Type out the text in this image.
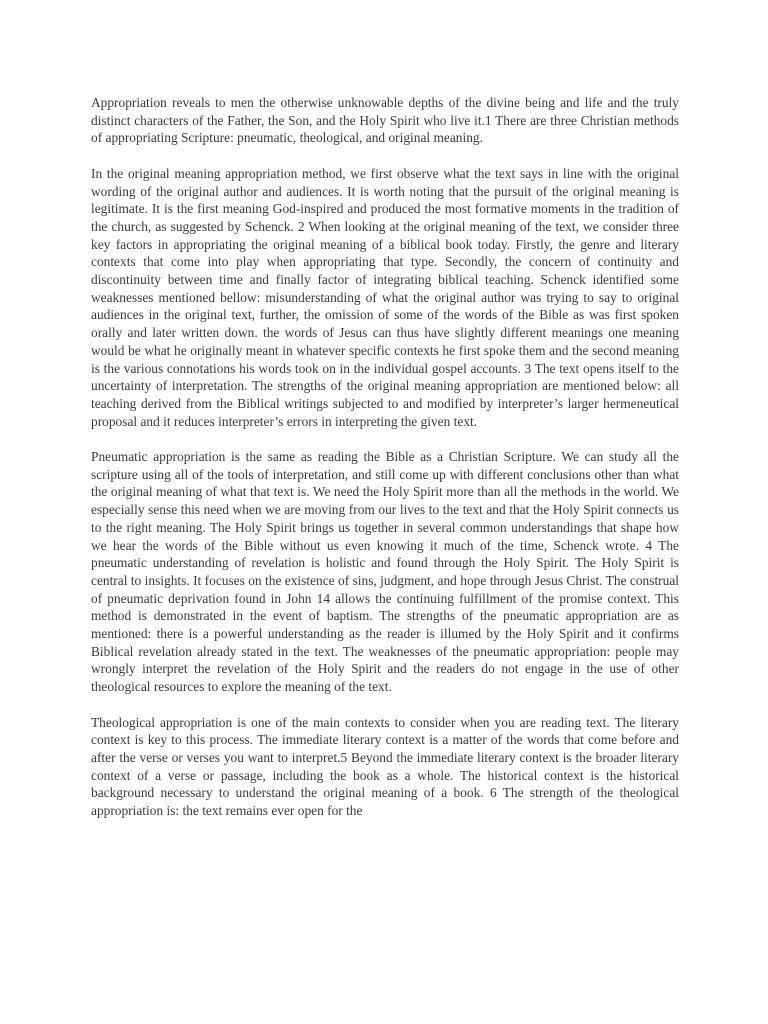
Appropriation reveals to men the otherwise unknowable depths of the divine being and life and the truly distinct characters of the Father, the Son, and the Holy Spirit who live it.1 There are three Christian methods of appropriating Scripture: pneumatic, theological, and original meaning.

In the original meaning appropriation method, we first observe what the text says in line with the original wording of the original author and audiences. It is worth noting that the pursuit of the original meaning is legitimate. It is the first meaning God-inspired and produced the most formative moments in the tradition of the church, as suggested by Schenck. 2 When looking at the original meaning of the text, we consider three key factors in appropriating the original meaning of a biblical book today. Firstly, the genre and literary contexts that come into play when appropriating that type. Secondly, the concern of continuity and discontinuity between time and finally factor of integrating biblical teaching. Schenck identified some weaknesses mentioned bellow: misunderstanding of what the original author was trying to say to original audiences in the original text, further, the omission of some of the words of the Bible as was first spoken orally and later written down. the words of Jesus can thus have slightly different meanings one meaning would be what he originally meant in whatever specific contexts he first spoke them and the second meaning is the various connotations his words took on in the individual gospel accounts. 3 The text opens itself to the uncertainty of interpretation. The strengths of the original meaning appropriation are mentioned below: all teaching derived from the Biblical writings subjected to and modified by interpreter’s larger hermeneutical proposal and it reduces interpreter’s errors in interpreting the given text.

Pneumatic appropriation is the same as reading the Bible as a Christian Scripture. We can study all the scripture using all of the tools of interpretation, and still come up with different conclusions other than what the original meaning of what that text is. We need the Holy Spirit more than all the methods in the world. We especially sense this need when we are moving from our lives to the text and that the Holy Spirit connects us to the right meaning. The Holy Spirit brings us together in several common understandings that shape how we hear the words of the Bible without us even knowing it much of the time, Schenck wrote. 4 The pneumatic understanding of revelation is holistic and found through the Holy Spirit. The Holy Spirit is central to insights. It focuses on the existence of sins, judgment, and hope through Jesus Christ. The construal of pneumatic deprivation found in John 14 allows the continuing fulfillment of the promise context. This method is demonstrated in the event of baptism. The strengths of the pneumatic appropriation are as mentioned: there is a powerful understanding as the reader is illumed by the Holy Spirit and it confirms Biblical revelation already stated in the text. The weaknesses of the pneumatic appropriation: people may wrongly interpret the revelation of the Holy Spirit and the readers do not engage in the use of other theological resources to explore the meaning of the text.

Theological appropriation is one of the main contexts to consider when you are reading text. The literary context is key to this process. The immediate literary context is a matter of the words that come before and after the verse or verses you want to interpret.5 Beyond the immediate literary context is the broader literary context of a verse or passage, including the book as a whole. The historical context is the historical background necessary to understand the original meaning of a book. 6 The strength of the theological appropriation is: the text remains ever open for the
